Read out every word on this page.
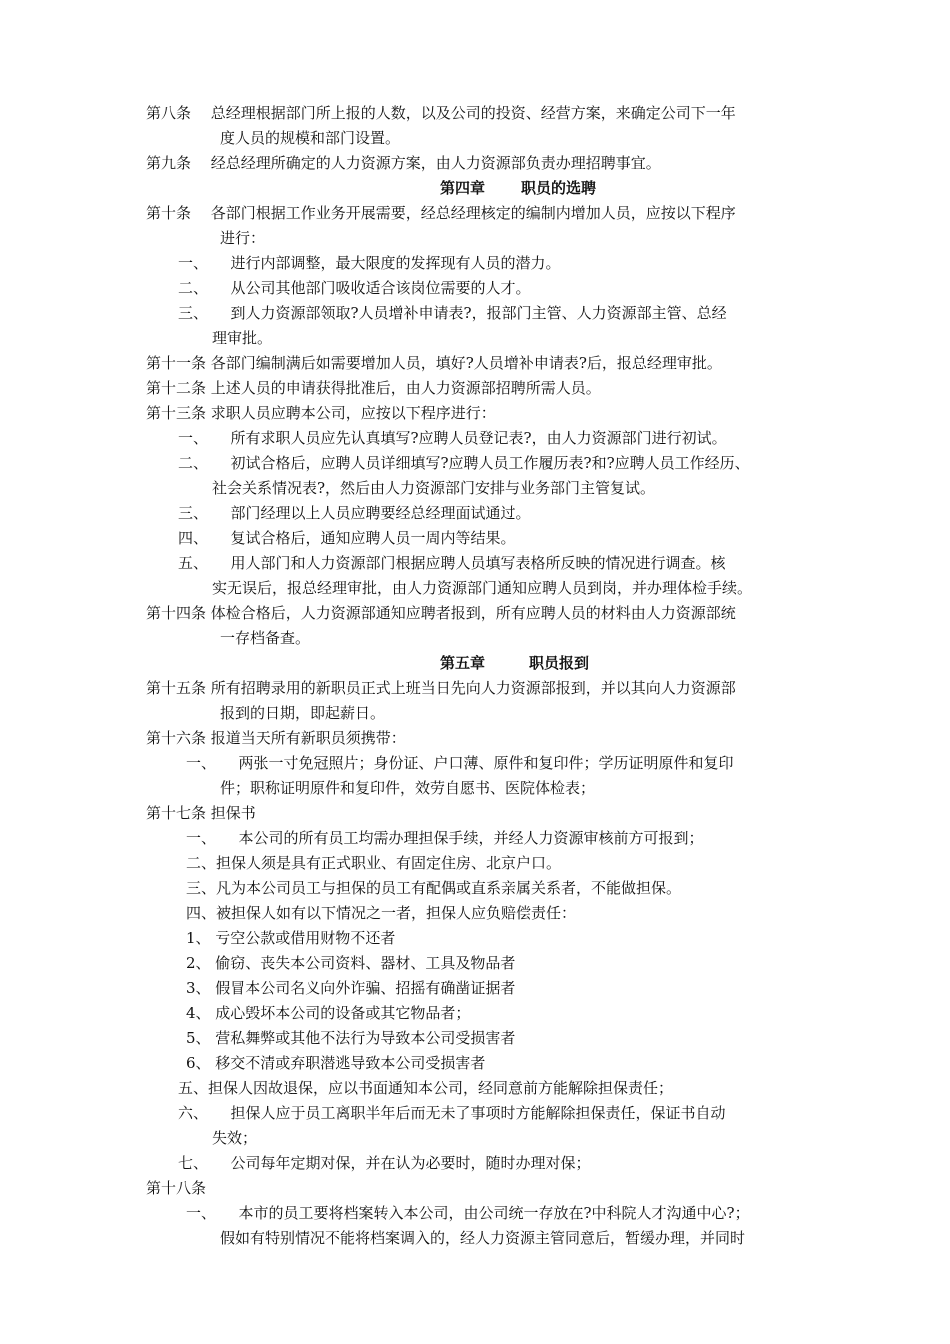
第八条　 总经理根据部门所上报的人数，以及公司的投资、经营方案，来确定公司下一年
度人员的规模和部门设置。
第九条　 经总经理所确定的人力资源方案，由人力资源部负责办理招聘事宜。
第四章 职员的选聘
第十条　 各部门根据工作业务开展需要，经总经理核定的编制内增加人员，应按以下程序
进行：
一、　　进行内部调整，最大限度的发挥现有人员的潜力。
二、　　从公司其他部门吸收适合该岗位需要的人才。
三、　　到人力资源部领取?人员增补申请表?，报部门主管、人力资源部主管、总经
理审批。
第十一条 各部门编制满后如需要增加人员，填好?人员增补申请表?后，报总经理审批。
第十二条 上述人员的申请获得批准后，由人力资源部招聘所需人员。
第十三条 求职人员应聘本公司，应按以下程序进行：
一、　　所有求职人员应先认真填写?应聘人员登记表?，由人力资源部门进行初试。
二、　　初试合格后，应聘人员详细填写?应聘人员工作履历表?和?应聘人员工作经历、
社会关系情况表?，然后由人力资源部门安排与业务部门主管复试。
三、　　部门经理以上人员应聘要经总经理面试通过。
四、　　复试合格后，通知应聘人员一周内等结果。
五、　　用人部门和人力资源部门根据应聘人员填写表格所反映的情况进行调查。核
实无误后，报总经理审批，由人力资源部门通知应聘人员到岗，并办理体检手续。
第十四条 体检合格后，人力资源部通知应聘者报到，所有应聘人员的材料由人力资源部统
一存档备查。
第五章	职员报到
第十五条 所有招聘录用的新职员正式上班当日先向人力资源部报到，并以其向人力资源部
报到的日期，即起薪日。
第十六条 报道当天所有新职员须携带：
一、　　两张一寸免冠照片；身份证、户口薄、原件和复印件；学历证明原件和复印
件；职称证明原件和复印件，效劳自愿书、医院体检表；
第十七条 担保书
一、　　本公司的所有员工均需办理担保手续，并经人力资源审核前方可报到；
二、担保人须是具有正式职业、有固定住房、北京户口。
三、凡为本公司员工与担保的员工有配偶或直系亲属关系者，不能做担保。
四、被担保人如有以下情况之一者，担保人应负赔偿责任：
1、 亏空公款或借用财物不还者
2、 偷窃、丧失本公司资料、器材、工具及物品者
3、 假冒本公司名义向外诈骗、招摇有确凿证据者
4、 成心毁坏本公司的设备或其它物品者；
5、 营私舞弊或其他不法行为导致本公司受损害者
6、 移交不清或弃职潜逃导致本公司受损害者
五、担保人因故退保，应以书面通知本公司，经同意前方能解除担保责任；
六、　　担保人应于员工离职半年后而无未了事项时方能解除担保责任，保证书自动
失效；
七、　　公司每年定期对保，并在认为必要时，随时办理对保；
第十八条
一、　　本市的员工要将档案转入本公司，由公司统一存放在?中科院人才沟通中心?；
假如有特别情况不能将档案调入的，经人力资源主管同意后，暂缓办理，并同时
